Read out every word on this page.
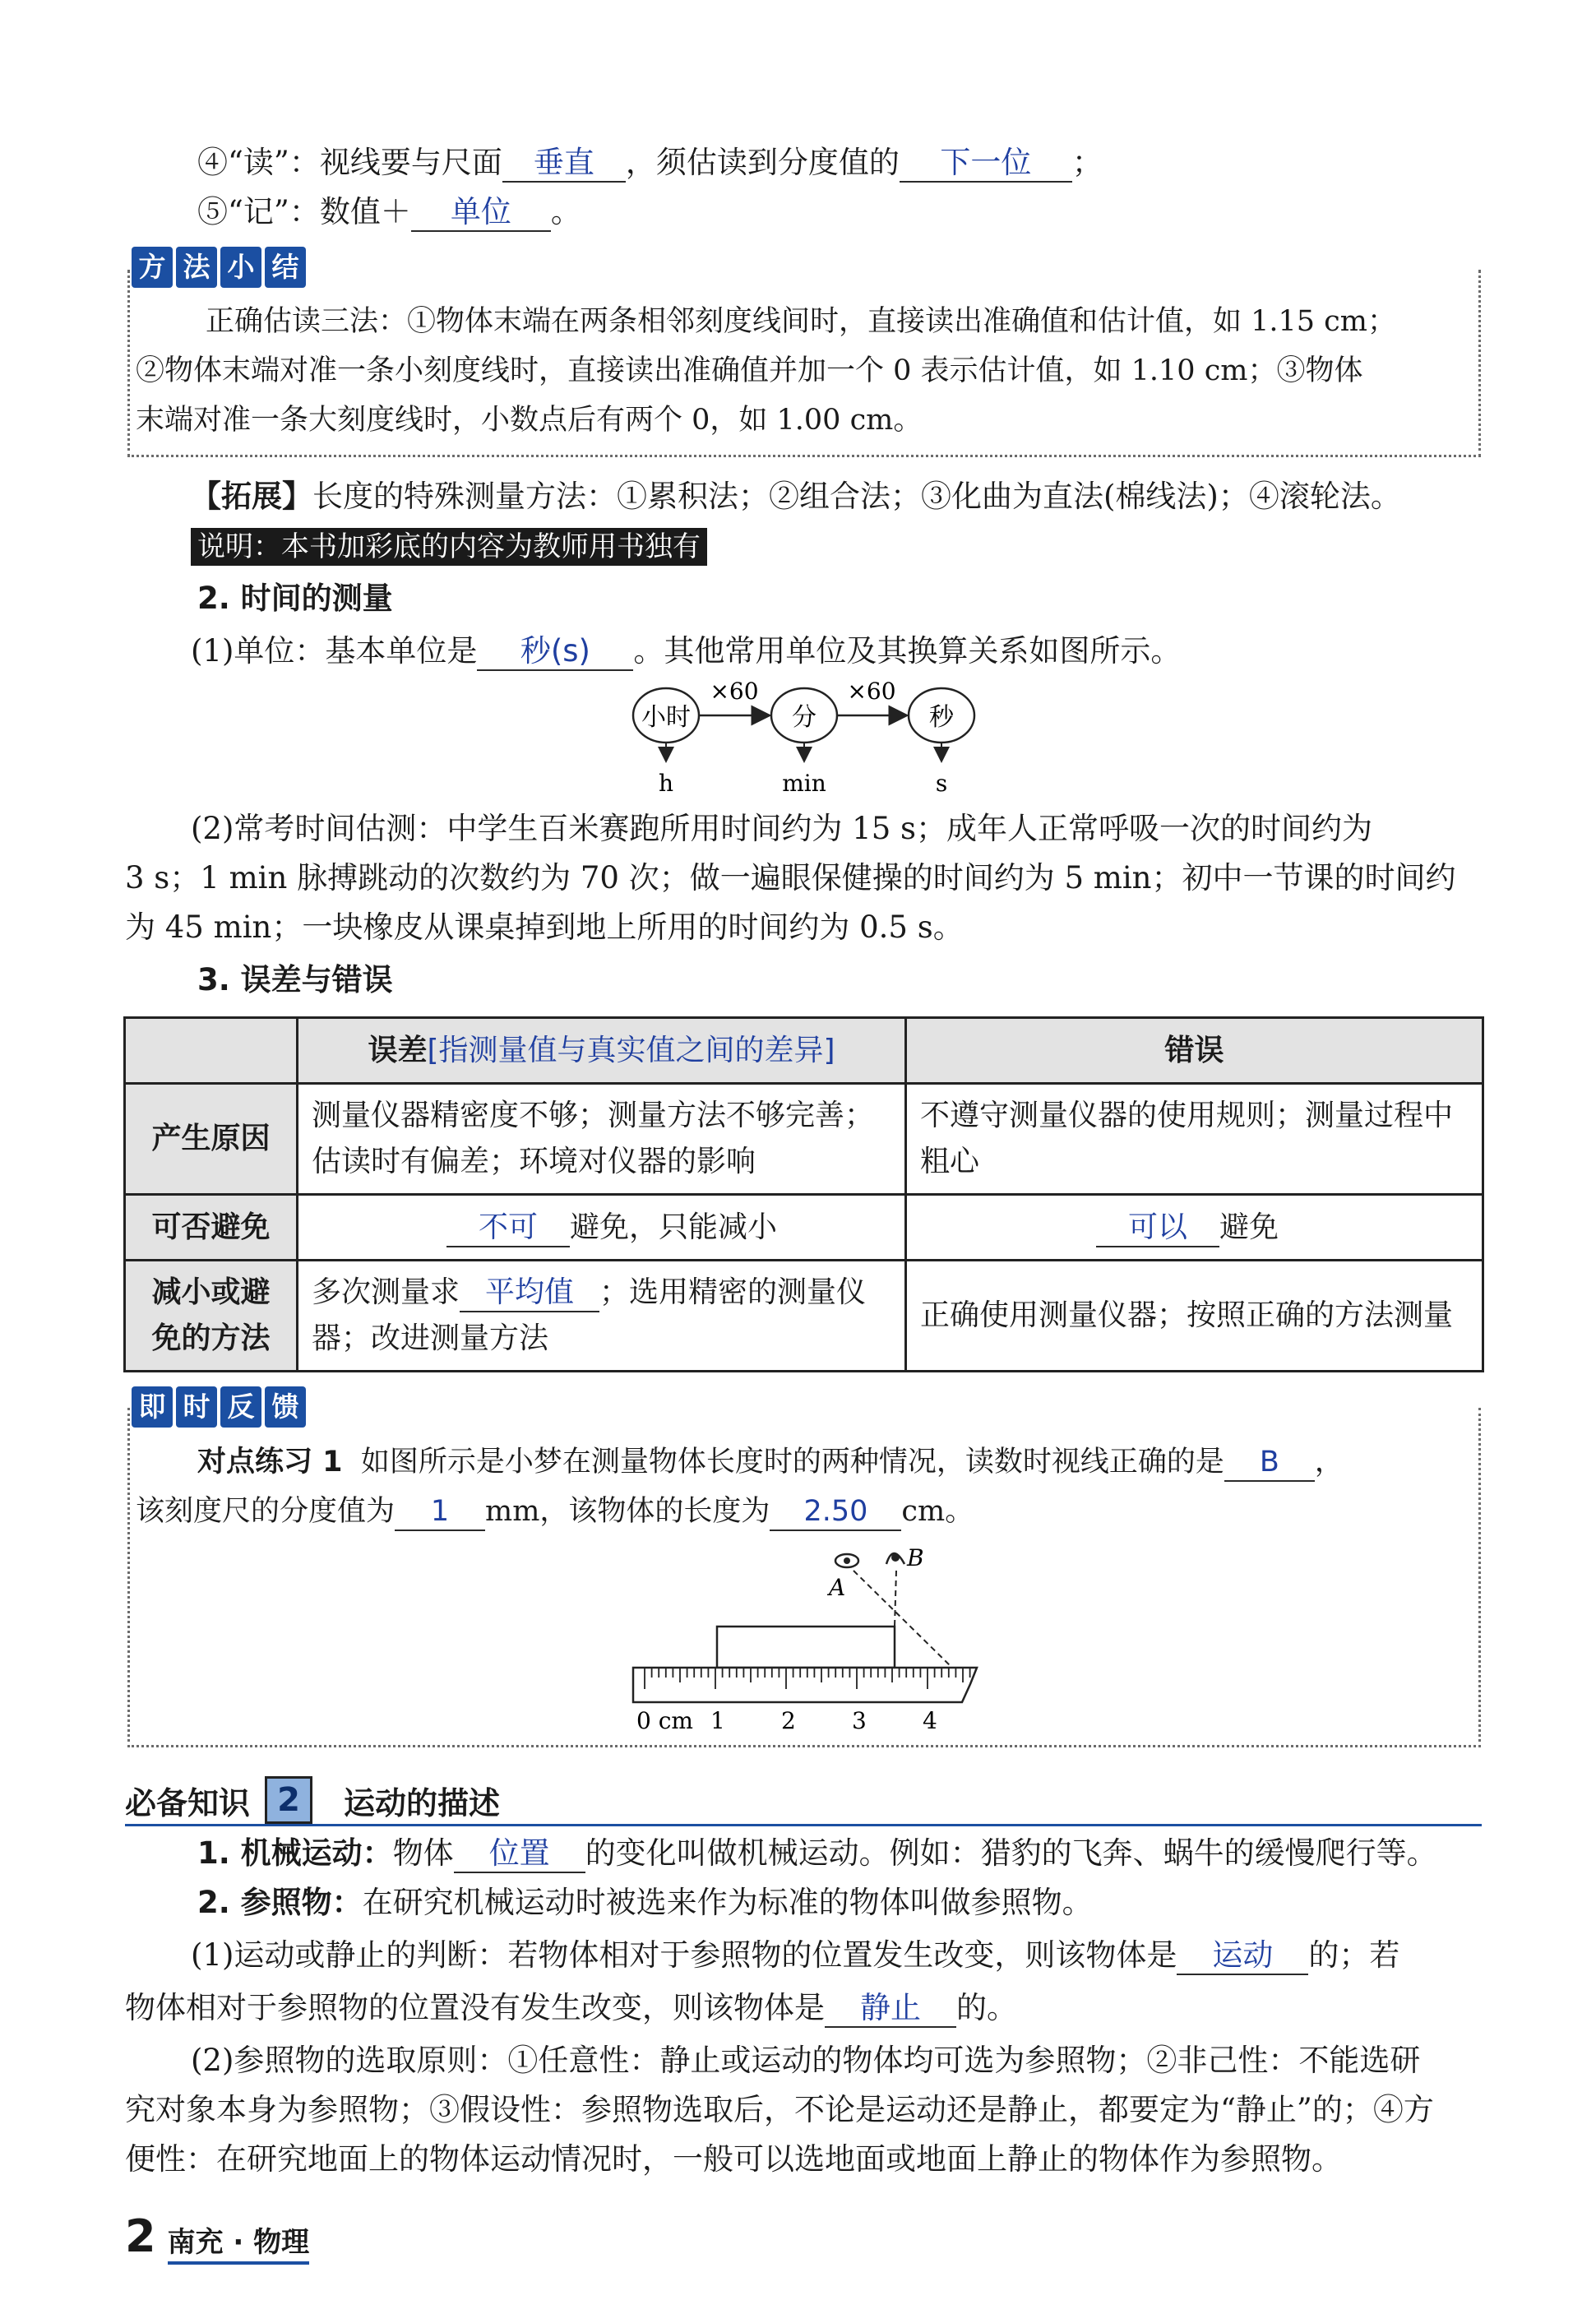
④“读”：视线要与尺面 垂直 ，须估读到分度值的 下一位 ；
⑤“记”：数值＋ 单位 。
方 法 小 结
正确估读三法：①物体末端在两条相邻刻度线间时，直接读出准确值和估计值，如 1.15 cm；
②物体末端对准一条小刻度线时，直接读出准确值并加一个 0 表示估计值，如 1.10 cm；③物体
末端对准一条大刻度线时，小数点后有两个 0，如 1.00 cm。
【拓展】长度的特殊测量方法：①累积法；②组合法；③化曲为直法(棉线法)；④滚轮法。
说明：本书加彩底的内容为教师用书独有
2. 时间的测量
(1)单位：基本单位是 秒(s) 。其他常用单位及其换算关系如图所示。
小时	分	秒
×60	×60
h	min	s
(2)常考时间估测：中学生百米赛跑所用时间约为 15 s；成年人正常呼吸一次的时间约为
3 s；1 min 脉搏跳动的次数约为 70 次；做一遍眼保健操的时间约为 5 min；初中一节课的时间约
为 45 min；一块橡皮从课桌掉到地上所用的时间约为 0.5 s。
3. 误差与错误
	误差[指测量值与真实值之间的差异]	错误
产生原因	测量仪器精密度不够；测量方法不够完善；估读时有偏差；环境对仪器的影响	不遵守测量仪器的使用规则；测量过程中粗心
可否避免	不可 避免，只能减小	可以 避免
减小或避免的方法	多次测量求 平均值 ；选用精密的测量仪器；改进测量方法	正确使用测量仪器；按照正确的方法测量
即 时 反 馈
对点练习 1 如图所示是小梦在测量物体长度时的两种情况，读数时视线正确的是 B ，
该刻度尺的分度值为 1 mm，该物体的长度为 2.50 cm。
A
B
0 cm 1 2 3 4
必备知识 2	运动的描述
1. 机械运动：物体 位置 的变化叫做机械运动。例如：猎豹的飞奔、蜗牛的缓慢爬行等。
2. 参照物：在研究机械运动时被选来作为标准的物体叫做参照物。
(1)运动或静止的判断：若物体相对于参照物的位置发生改变，则该物体是 运动 的；若
物体相对于参照物的位置没有发生改变，则该物体是 静止 的。
(2)参照物的选取原则：①任意性：静止或运动的物体均可选为参照物；②非己性：不能选研
究对象本身为参照物；③假设性：参照物选取后，不论是运动还是静止，都要定为“静止”的；④方
便性：在研究地面上的物体运动情况时，一般可以选地面或地面上静止的物体作为参照物。
2 南充 · 物理
